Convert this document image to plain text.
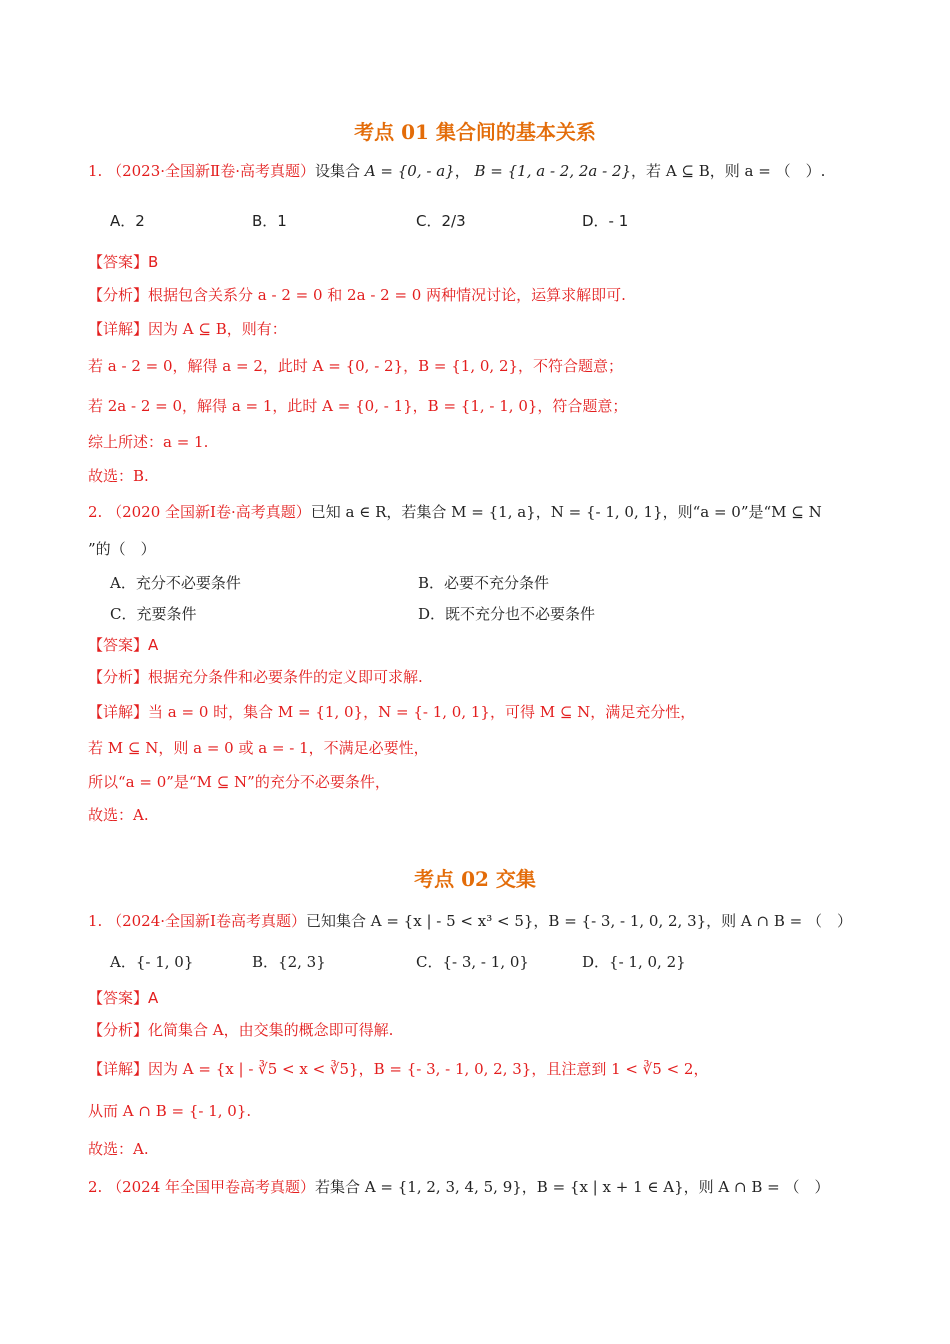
考点 01 集合间的基本关系
1. （2023·全国新Ⅱ卷·高考真题）设集合 A = {0, - a}， B = {1, a - 2, 2a - 2}，若 A ⊆ B，则 a = （　）.
A．2	B．1	C．2/3	D．- 1
【答案】B
【分析】根据包含关系分 a - 2 = 0 和 2a - 2 = 0 两种情况讨论，运算求解即可.
【详解】因为 A ⊆ B，则有：
若 a - 2 = 0，解得 a = 2，此时 A = {0, - 2}，B = {1, 0, 2}，不符合题意；
若 2a - 2 = 0，解得 a = 1，此时 A = {0, - 1}，B = {1, - 1, 0}，符合题意；
综上所述：a = 1.
故选：B.
2. （2020 全国新Ⅰ卷·高考真题）已知 a ∈ R，若集合 M = {1, a}，N = {- 1, 0, 1}，则“a = 0”是“M ⊆ N
”的（　）
A．充分不必要条件	B．必要不充分条件
C．充要条件	D．既不充分也不必要条件
【答案】A
【分析】根据充分条件和必要条件的定义即可求解.
【详解】当 a = 0 时，集合 M = {1, 0}，N = {- 1, 0, 1}，可得 M ⊆ N，满足充分性，
若 M ⊆ N，则 a = 0 或 a = - 1，不满足必要性，
所以“a = 0”是“M ⊆ N”的充分不必要条件，
故选：A.
考点 02 交集
1. （2024·全国新Ⅰ卷高考真题）已知集合 A = {x | - 5 < x³ < 5}，B = {- 3, - 1, 0, 2, 3}，则 A ∩ B = （　）
A．{- 1, 0}	B．{2, 3}	C．{- 3, - 1, 0}	D．{- 1, 0, 2}
【答案】A
【分析】化简集合 A，由交集的概念即可得解.
【详解】因为 A = {x | - ∛5 < x < ∛5}，B = {- 3, - 1, 0, 2, 3}，且注意到 1 < ∛5 < 2，
从而 A ∩ B = {- 1, 0}.
故选：A.
2. （2024 年全国甲卷高考真题）若集合 A = {1, 2, 3, 4, 5, 9}，B = {x | x + 1 ∈ A}，则 A ∩ B = （　）
